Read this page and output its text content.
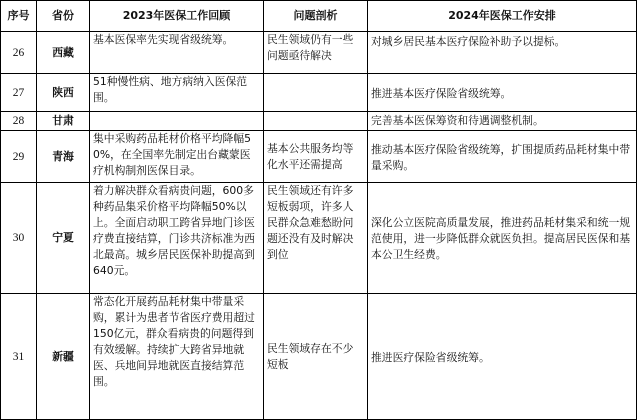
序号	省份	2023年医保工作回顾	问题剖析	2024年医保工作安排
26	西藏	基本医保率先实现省级统筹。	民生领域仍有一些问题亟待解决	对城乡居民基本医疗保险补助予以提标。

27	陕西	51种慢性病、地方病纳入医保范围。		推进基本医疗保险省级统筹。

28	甘肃			完善基本医保筹资和待遇调整机制。

29	青海	集中采购药品耗材价格平均降幅50%，在全国率先制定出台藏蒙医疗机构制剂医保目录。	基本公共服务均等化水平还需提高	推动基本医疗保险省级统筹，扩围提质药品耗材集中带量采购。

30	宁夏	着力解决群众看病贵问题，600多种药品集采价格平均降幅50%以上。全面启动职工跨省异地门诊医疗费直接结算，门诊共济标准为西北最高。城乡居民医保补助提高到640元。	民生领域还有许多短板弱项，许多人民群众急难愁盼问题还没有及时解决到位	深化公立医院高质量发展，推进药品耗材集采和统一规范使用，进一步降低群众就医负担。提高居民医保和基本公卫生经费。

31	新疆	常态化开展药品耗材集中带量采购，累计为患者节省医疗费用超过150亿元，群众看病贵的问题得到有效缓解。持续扩大跨省异地就医、兵地间异地就医直接结算范围。	民生领域存在不少短板	推进医疗保险省级统筹。
